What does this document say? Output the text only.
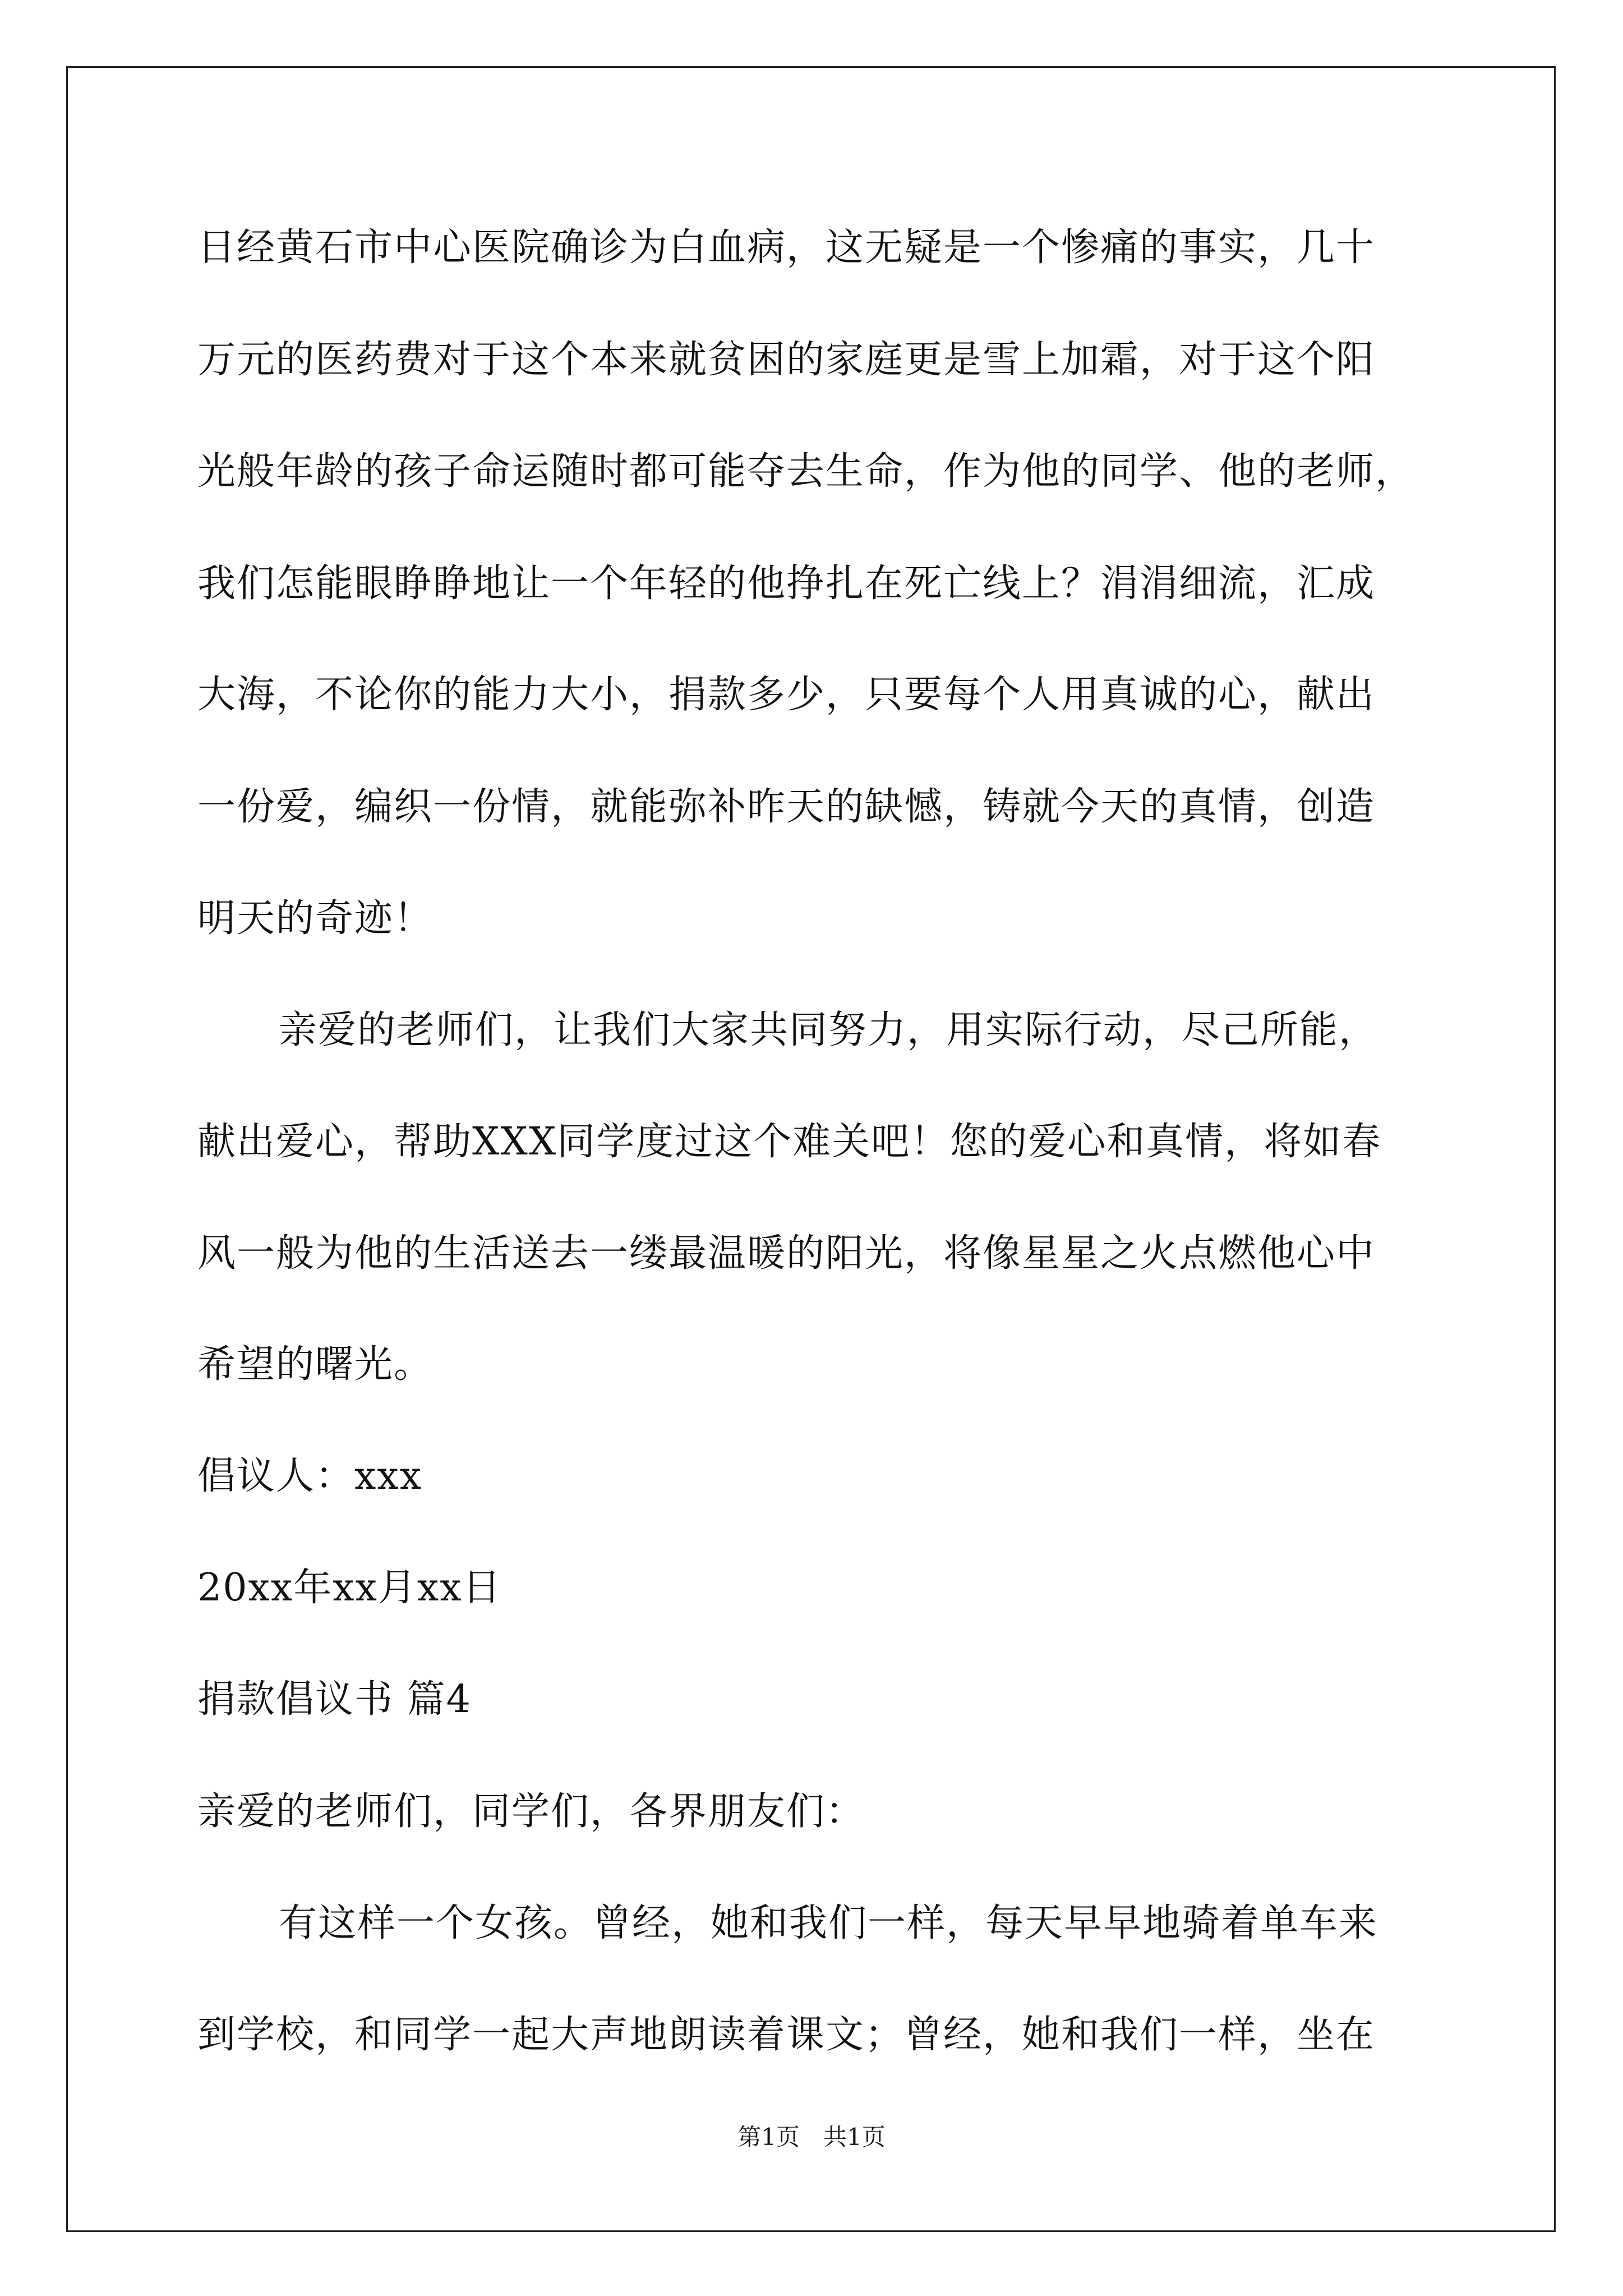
日经黄石市中心医院确诊为白血病，这无疑是一个惨痛的事实，几十
万元的医药费对于这个本来就贫困的家庭更是雪上加霜，对于这个阳
光般年龄的孩子命运随时都可能夺去生命，作为他的同学、他的老师，
我们怎能眼睁睁地让一个年轻的他挣扎在死亡线上？涓涓细流，汇成
大海，不论你的能力大小，捐款多少，只要每个人用真诚的心，献出
一份爱，编织一份情，就能弥补昨天的缺憾，铸就今天的真情，创造
明天的奇迹！
亲爱的老师们，让我们大家共同努力，用实际行动，尽己所能，
献出爱心，帮助XXX同学度过这个难关吧！您的爱心和真情，将如春
风一般为他的生活送去一缕最温暖的阳光，将像星星之火点燃他心中
希望的曙光。
倡议人：xxx
20xx年xx月xx日
捐款倡议书 篇4
亲爱的老师们，同学们，各界朋友们：
有这样一个女孩。曾经，她和我们一样，每天早早地骑着单车来
到学校，和同学一起大声地朗读着课文；曾经，她和我们一样，坐在
第1页　共1页
